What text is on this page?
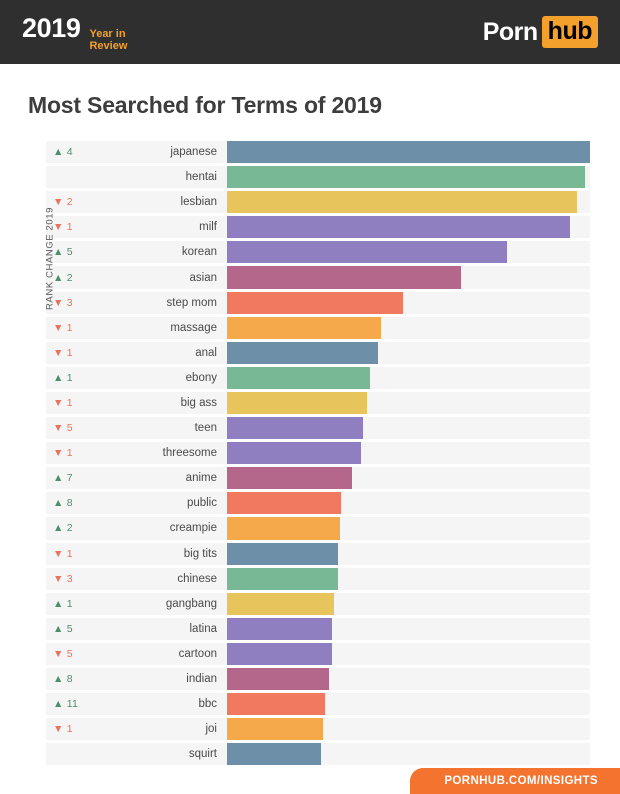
2019 Year in
Review	Porn hub
Most Searched for Terms of 2019
RANK CHANGE 2019
▲ 4	japanese
hentai
▼ 2	lesbian
▼ 1	milf
▲ 5	korean
▲ 2	asian
▼ 3	step mom
▼ 1	massage
▼ 1	anal
▲ 1	ebony
▼ 1	big ass
▼ 5	teen
▼ 1	threesome
▲ 7	anime
▲ 8	public
▲ 2	creampie
▼ 1	big tits
▼ 3	chinese
▲ 1	gangbang
▲ 5	latina
▼ 5	cartoon
▲ 8	indian
▲ 11	bbc
▼ 1	joi
squirt
PORNHUB.COM/INSIGHTS
